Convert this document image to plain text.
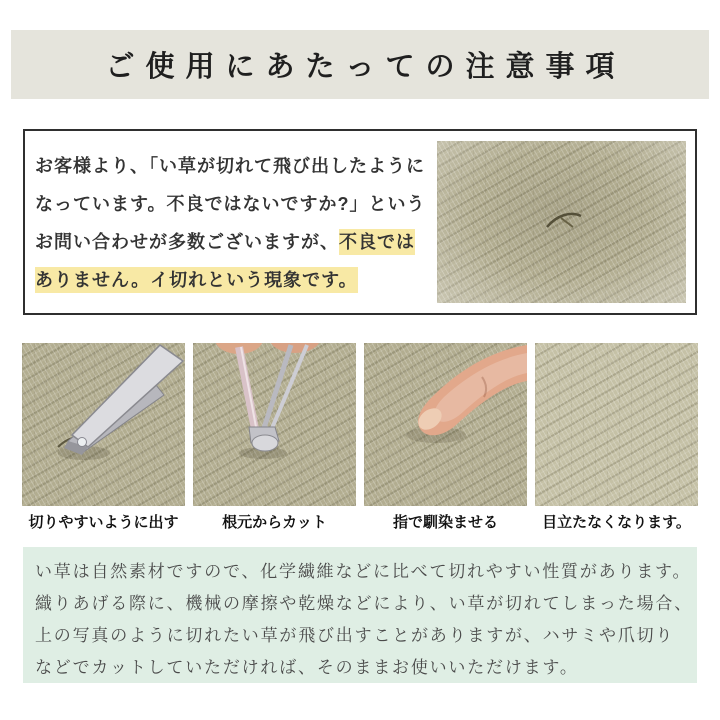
ご使用にあたっての注意事項
お客様より、「い草が切れて飛び出したように
なっています。不良ではないですか?」という
お問い合わせが多数ございますが、不良では
ありません。イ切れという現象です。
切りやすいように出す	根元からカット	指で馴染ませる	目立たなくなります。
い草は自然素材ですので、化学繊維などに比べて切れやすい性質があります。
織りあげる際に、機械の摩擦や乾燥などにより、い草が切れてしまった場合、
上の写真のように切れたい草が飛び出すことがありますが、ハサミや爪切り
などでカットしていただければ、そのままお使いいただけます。
